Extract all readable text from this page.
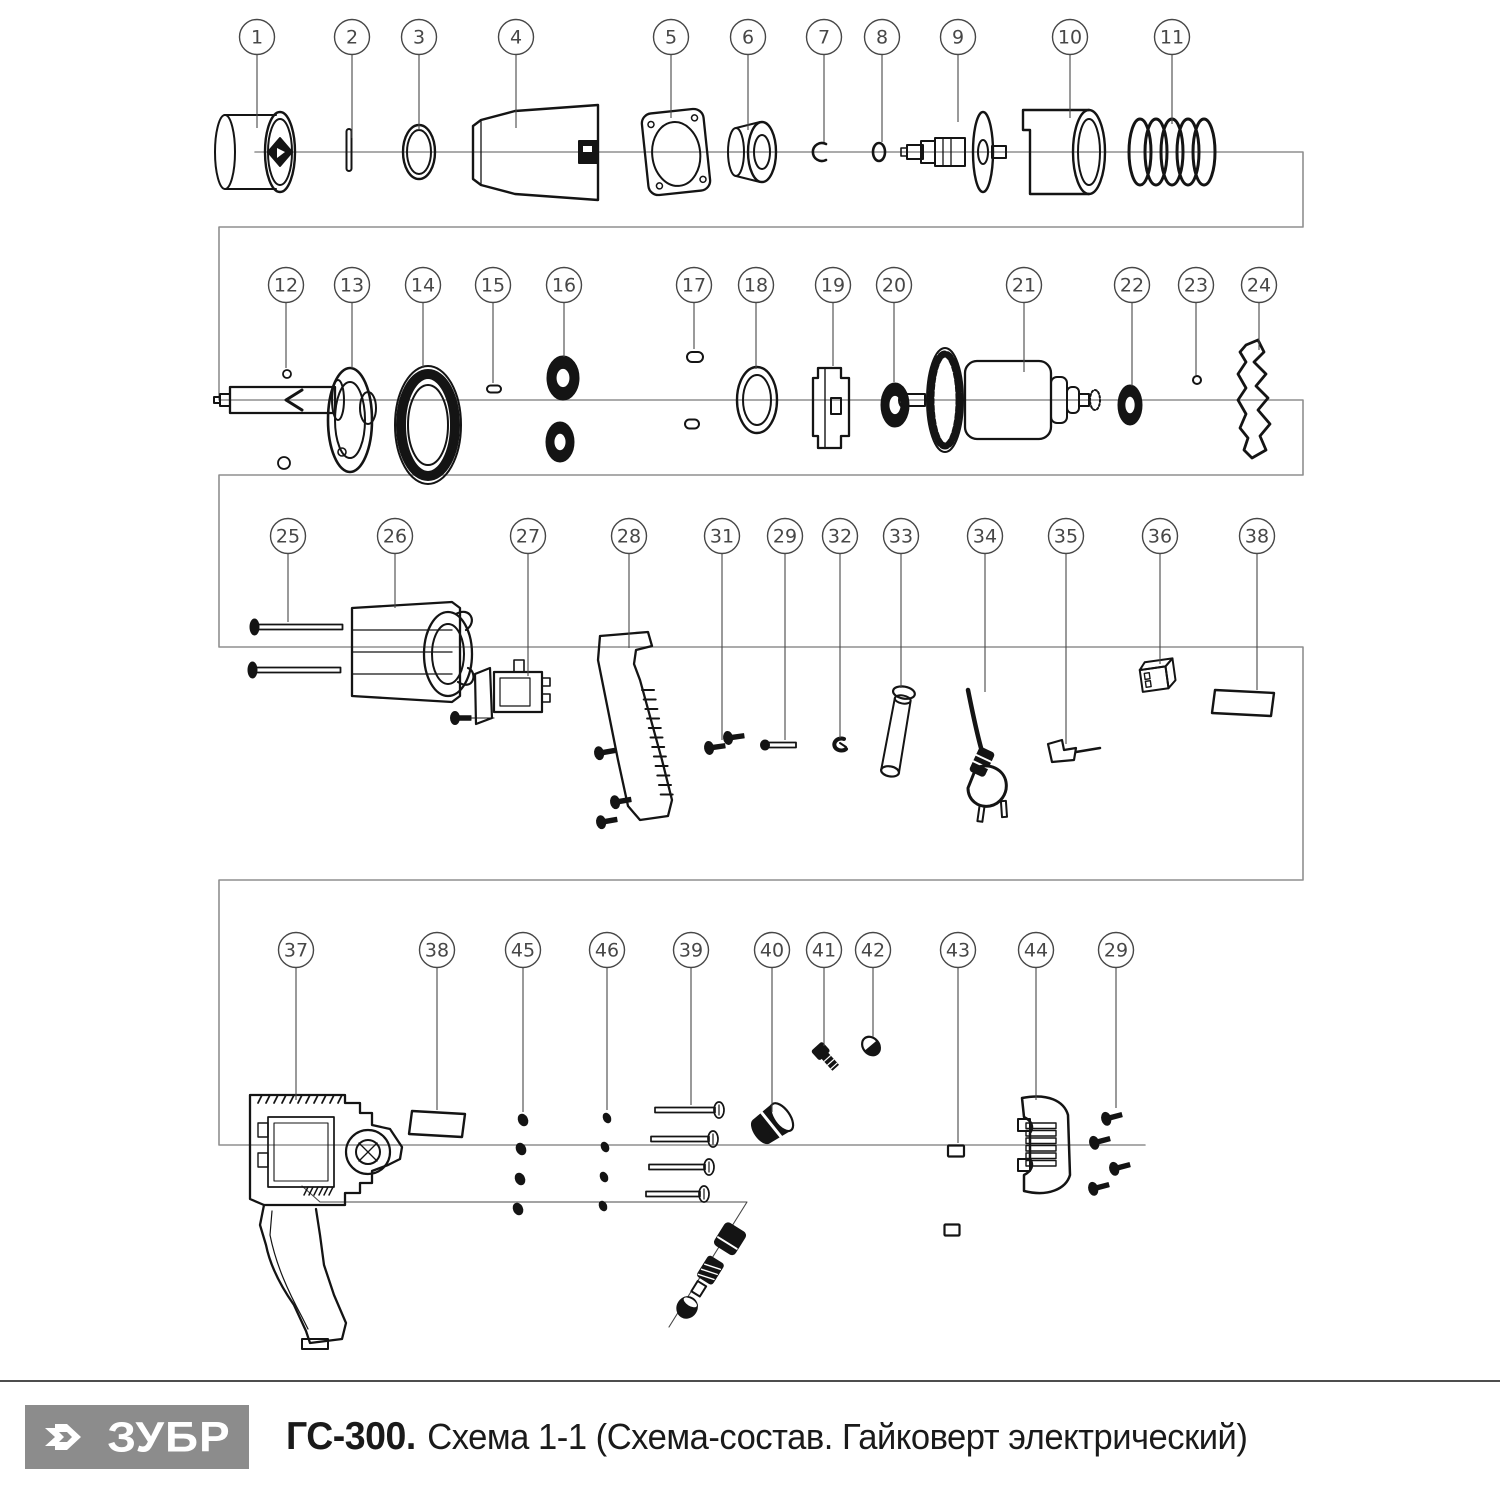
1	2	3	4	5	6	7 8	9	10	11
12 13 14 15 16	17 18	19 20	21	22 23 24
25	26	27	28	31 29 32 33	34	35	36	38
37	38	45	46	39	40 41 42	43	44	29
ЗУБР ГС-300. Схема 1-1 (Схема-состав. Гайковерт электрический)
